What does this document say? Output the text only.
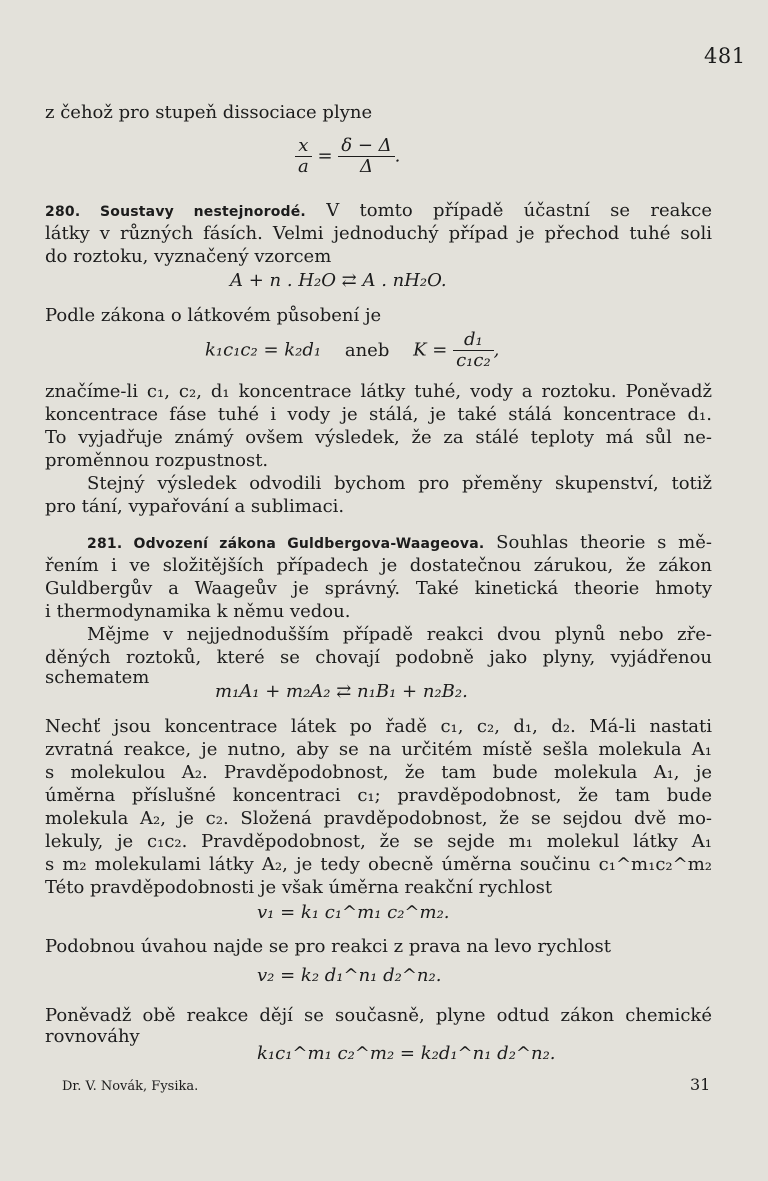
481
z čehož pro stupeň dissociace plyne
$\frac{x}{a} = \frac{\delta - \Delta}{\Delta}$ .
280. Soustavy nestejnorodé. V tomto případě účastní se reakce
látky v různých fásích. Velmi jednoduchý případ je přechod tuhé soli
do roztoku, vyznačený vzorcem
A + n . H₂O ⇄ A . nH₂O.
Podle zákona o látkovém působení je
k₁c₁c₂ = k₂d₁ aneb $K = \frac{\text{d₁}}{\text{c₁c₂}}$ ,
značíme-li c₁, c₂, d₁ koncentrace látky tuhé, vody a roztoku. Poněvadž
koncentrace fáse tuhé i vody je stálá, je také stálá koncentrace d₁.
To vyjadřuje známý ovšem výsledek, že za stálé teploty má sůl ne-
proměnnou rozpustnost.
Stejný výsledek odvodili bychom pro přeměny skupenství, totiž
pro tání, vypařování a sublimaci.
281. Odvození zákona Guldbergova-Waageova. Souhlas theorie s mě-
řením i ve složitějších případech je dostatečnou zárukou, že zákon
Guldbergův a Waageův je správný. Také kinetická theorie hmoty
i thermodynamika k němu vedou.
Mějme v nejjednodušším případě reakci dvou plynů nebo zře-
děných roztoků, které se chovají podobně jako plyny, vyjádřenou
schematem
m₁A₁ + m₂A₂ ⇄ n₁B₁ + n₂B₂.
Nechť jsou koncentrace látek po řadě c₁, c₂, d₁, d₂. Má-li nastati
zvratná reakce, je nutno, aby se na určitém místě sešla molekula A₁
s molekulou A₂. Pravděpodobnost, že tam bude molekula A₁, je
úměrna příslušné koncentraci c₁; pravděpodobnost, že tam bude
molekula A₂, je c₂. Složená pravděpodobnost, že se sejdou dvě mo-
lekuly, je c₁c₂. Pravděpodobnost, že se sejde m₁ molekul látky A₁
s m₂ molekulami látky A₂, je tedy obecně úměrna součinu c₁^m₁c₂^m₂
Této pravděpodobnosti je však úměrna reakční rychlost
v₁ = k₁ c₁^m₁ c₂^m₂.
Podobnou úvahou najde se pro reakci z prava na levo rychlost
v₂ = k₂ d₁^n₁ d₂^n₂.
Poněvadž obě reakce dějí se současně, plyne odtud zákon chemické
rovnováhy
k₁c₁^m₁ c₂^m₂ = k₂d₁^n₁ d₂^n₂.
Dr. V. Novák, Fysika.	31
